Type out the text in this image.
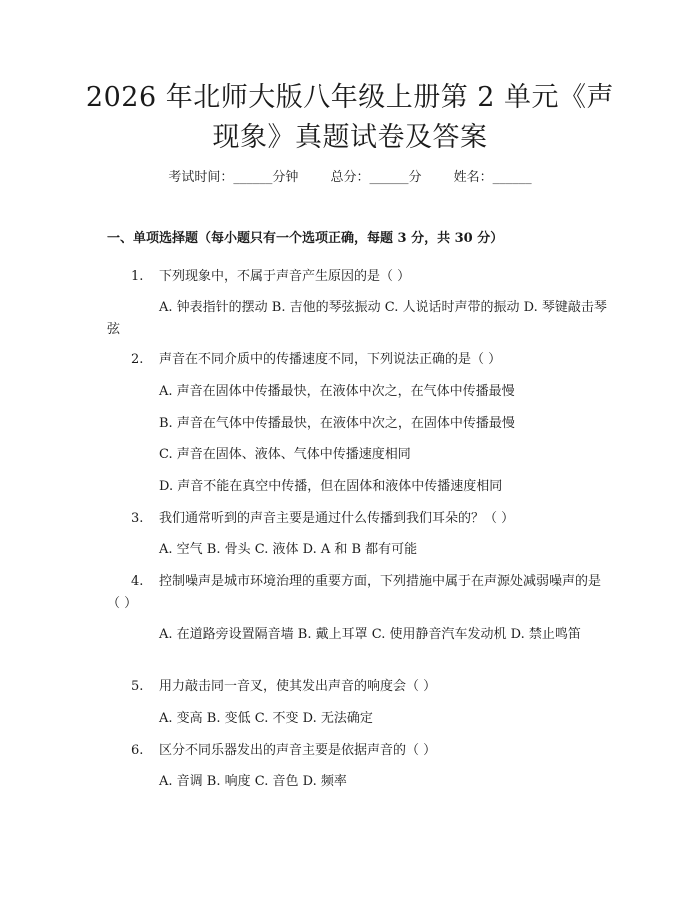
2026 年北师大版八年级上册第 2 单元《声现象》真题试卷及答案
考试时间：______分钟 总分：______分 姓名：______
一、单项选择题（每小题只有一个选项正确，每题 3 分，共 30 分）
1. 下列现象中，不属于声音产生原因的是（ ）
A. 钟表指针的摆动 B. 吉他的琴弦振动 C. 人说话时声带的振动 D. 琴键敲击琴弦
2. 声音在不同介质中的传播速度不同，下列说法正确的是（ ）
A. 声音在固体中传播最快，在液体中次之，在气体中传播最慢
B. 声音在气体中传播最快，在液体中次之，在固体中传播最慢
C. 声音在固体、液体、气体中传播速度相同
D. 声音不能在真空中传播，但在固体和液体中传播速度相同
3. 我们通常听到的声音主要是通过什么传播到我们耳朵的？（ ）
A. 空气 B. 骨头 C. 液体 D. A 和 B 都有可能
4. 控制噪声是城市环境治理的重要方面，下列措施中属于在声源处减弱噪声的是（ ）
A. 在道路旁设置隔音墙 B. 戴上耳罩 C. 使用静音汽车发动机 D. 禁止鸣笛
5. 用力敲击同一音叉，使其发出声音的响度会（ ）
A. 变高 B. 变低 C. 不变 D. 无法确定
6. 区分不同乐器发出的声音主要是依据声音的（ ）
A. 音调 B. 响度 C. 音色 D. 频率
